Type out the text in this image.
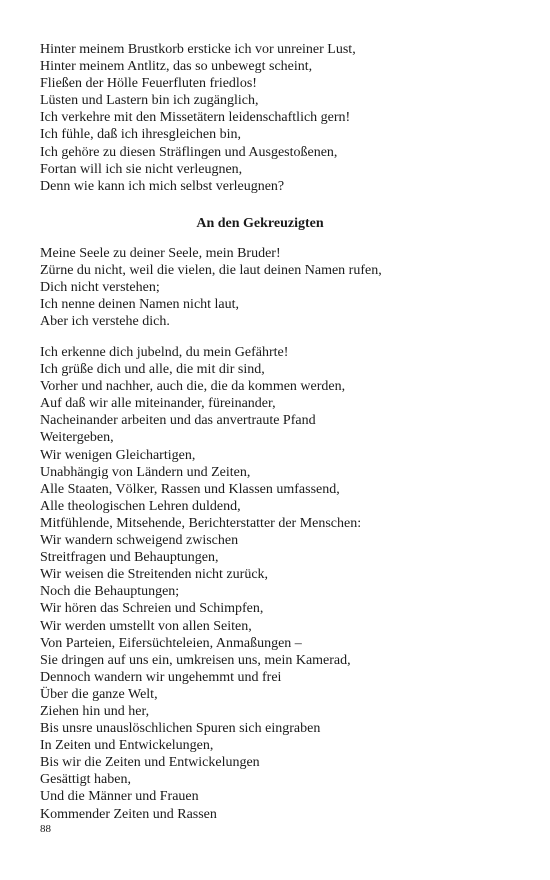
Hinter meinem Brustkorb ersticke ich vor unreiner Lust,
Hinter meinem Antlitz, das so unbewegt scheint,
Fließen der Hölle Feuerfluten friedlos!
Lüsten und Lastern bin ich zugänglich,
Ich verkehre mit den Missetätern leidenschaftlich gern!
Ich fühle, daß ich ihresgleichen bin,
Ich gehöre zu diesen Sträflingen und Ausgestoßenen,
Fortan will ich sie nicht verleugnen,
Denn wie kann ich mich selbst verleugnen?
An den Gekreuzigten
Meine Seele zu deiner Seele, mein Bruder!
Zürne du nicht, weil die vielen, die laut deinen Namen rufen,
Dich nicht verstehen;
Ich nenne deinen Namen nicht laut,
Aber ich verstehe dich.
Ich erkenne dich jubelnd, du mein Gefährte!
Ich grüße dich und alle, die mit dir sind,
Vorher und nachher, auch die, die da kommen werden,
Auf daß wir alle miteinander, füreinander,
Nacheinander arbeiten und das anvertraute Pfand
Weitergeben,
Wir wenigen Gleichartigen,
Unabhängig von Ländern und Zeiten,
Alle Staaten, Völker, Rassen und Klassen umfassend,
Alle theologischen Lehren duldend,
Mitfühlende, Mitsehende, Berichterstatter der Menschen:
Wir wandern schweigend zwischen
Streitfragen und Behauptungen,
Wir weisen die Streitenden nicht zurück,
Noch die Behauptungen;
Wir hören das Schreien und Schimpfen,
Wir werden umstellt von allen Seiten,
Von Parteien, Eifersüchteleien, Anmaßungen –
Sie dringen auf uns ein, umkreisen uns, mein Kamerad,
Dennoch wandern wir ungehemmt und frei
Über die ganze Welt,
Ziehen hin und her,
Bis unsre unauslöschlichen Spuren sich eingraben
In Zeiten und Entwickelungen,
Bis wir die Zeiten und Entwickelungen
Gesättigt haben,
Und die Männer und Frauen
Kommender Zeiten und Rassen
88
